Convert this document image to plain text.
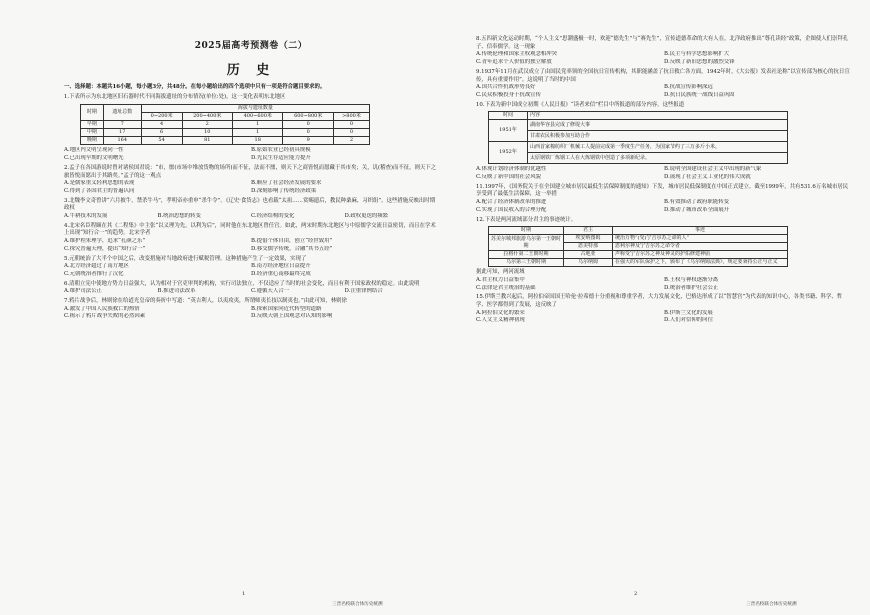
2025届高考预测卷（二）
历 史

一、选择题：本题共16小题，每小题3分，共48分。在每小题给出的四个选项中只有一项是符合题目要求的。

1.下表所示为东北地区旧石器时代不同海拔遗址的分布情况(单位:处)，这一变化表明东北地区

时期	遗址总数	海拔与遗址数量				
		0~200米	200~400米	400~600米	600~800米	>800米
早期	7	4	2	1	0	0
中期	17	6	10	1	0	0
晚期	164	54	81	18	9	2
A.地区内文明呈现同一性	B.原始农业已经初具规模
C.已出现早期的文明曙光	D.先民生存适应能力提升

2.孟子在各国游说时曾对诸侯国君说：“市，廛(市场中堆放货物的场所)而不征，法而不廛，则天下之商皆悦而愿藏于其市矣；关，讥(稽查)而不征，则天下之旅皆悦而愿出于其路矣。”孟子的这一观点

A.是儒家重义轻利思想的表现	B.顺应了社会经济发展的要求
C.得到了各国君主的普遍认同	D.深刻影响了传统经济政策

3.北魏李文奇曾讲“六月披牛，禁杀牛马”，孝明帝亦重申“杀牛令”。《辽史·食货志》也看载“太祖……赏赐遗后，教民种桑麻，习织组”。这些措施反映出时期政权

A.牛耕技术的发展	B.统治思想的转变	C.经济结构的变化	D.政权更迭的频繁

4.北宋名臣程颐在其《二程集》中主张“以义理为先，以利为后”，同时他在东北地区曾任官。如此，两宋时期东北地区与中原儒学交流日益密切，而且在学术上出现“知行合一”的趋势。北宋学者

A.维护程朱理学，追求“孔颜之乐”	B.提倡个体自由，创立“经世致用”
C.探究普遍天理，提出“知行合一”	D.移交儒学传统，合融“其书五经”

5.元朝统治了大半个中国之后，改变措施对当地政府进行赋税管理。这种措施产生了一定效果，实现了

A.北方经济超过了南方地区	B.南方经济地位日益提升
C.元朝统治者推行了汉化	D.经济重心南移最终完成

6.清朝立宪中使地方势力日益强大，认为相对于官吏审判的机构，实行司法独立，不仅适应了当时的社会变化，而且有利于国家政权的稳定。由此说明

A.维护司法公正	B.推进司法改革	C.遵循天人合一	D.注重律例结合

7.鸦片战争后，林则徐在给道光皇帝的奏折中写道：“英吉利人，以夷攻夷，所谓师夷长技以制夷也。”由此可知，林则徐

A.激发了中国人民族救亡的热情	B.探索国家向近代转型的道路
C.揭示了鸦片战争失败的必然因素	D.反映天朝上国观念对认知的影响
1
三晋名校联合体历史统测

8.五四新文化运动时期，“个人主义”思潮盛极一时，欢迎“德先生”与“赛先生”，宣传道德革命的大有人在，北洋政府推出“尊孔读经”政策，企图使人们崇拜孔子、信奉儒学。这一现象

A.传统伦理和国家主权观念相冲突	B.民主与科学思想影响扩大
C.青年追求个人价值的独立解放	D.反映了新旧思想的激烈交锋

9.1937年11月在武汉成立了由国民党率领的全国抗日宣传机构，其职能涵盖了抗日救亡各方面，1942年时，《大公报》发表社论称“以宣传部为核心的抗日宣传，具有重要作用”。这说明了当时的中国

A.国共合作抗战形势良好	B.抗战宣传影响深远
C.民众积极投身于抗战宣传	D.抗日民族统一战线日益巩固

10.下表为新中国成立初期《人民日报》“读者来信”栏目中所报道的部分内容。这些报道

时间	内容
1951年	湖南华容县完成了修堤大事
	甘肃农民积极参加互助合作
1952年	山西首家棉纺织厂机械工人提前完成第一季度生产任务，为国家节约了三万多斤小米。
	太原钢铁厂炼钢工人在大炼钢铁中创造了多项新纪录。
A.体现计划经济体制的优越性	B.说明全国建设社会主义中出现的新气象
C.反映了新中国的社会风貌	D.展现了社会主义工业化的伟大成就

11.1997年，《国务院关于在全国建立城市居民最低生活保障制度的通知》下发，城市居民低保制度在中国正式建立。截至1999年，共有531.6万名城市居民享受到了最低生活保障，这一举措

A.配合了经济体制改革的推进	B.有效推动了政府职能转变
C.实现了国民收入的合理分配	D.推动了城市改革全面展开

12.下表是两河流域部分君主的事迹统计。

时期	君主	事迹
苏美尔城邦旅游乌尔第一王朝时期	埃安纳图姆	统治万物“(受)宁吉尔苏之命的人”
	恩美特那	恩利尔神及宁吉尔苏之命令者
拉格什第二王朝时期	古地亚	声称受宁吉尔苏之神及神灵的护佑修建神庙
乌尔第三王朝时期	乌尔纳姆	在强大的军队保护之下，颁布了《乌尔纳姆法典》，规定要秉持公正与正义

据此可知，两河流域

A.君主权力日益集中	B.王权与神权逐渐分离
C.法律是君主统治的基础	D.统治者维护社会公正

15.伊斯兰教兴起后，阿拉伯帝国国王哈伦·拉希德十分重视和尊重学者，大力发展文化，巴格达形成了以“智慧宫”为代表的知识中心，各类书籍、科学、哲学、医学都得到了发展，这反映了

A.阿拉伯文化的繁荣	B.伊斯兰文化的发展
C.人文主义精神初现	D.人们对信仰的向往
2
三晋名校联合体历史统测
